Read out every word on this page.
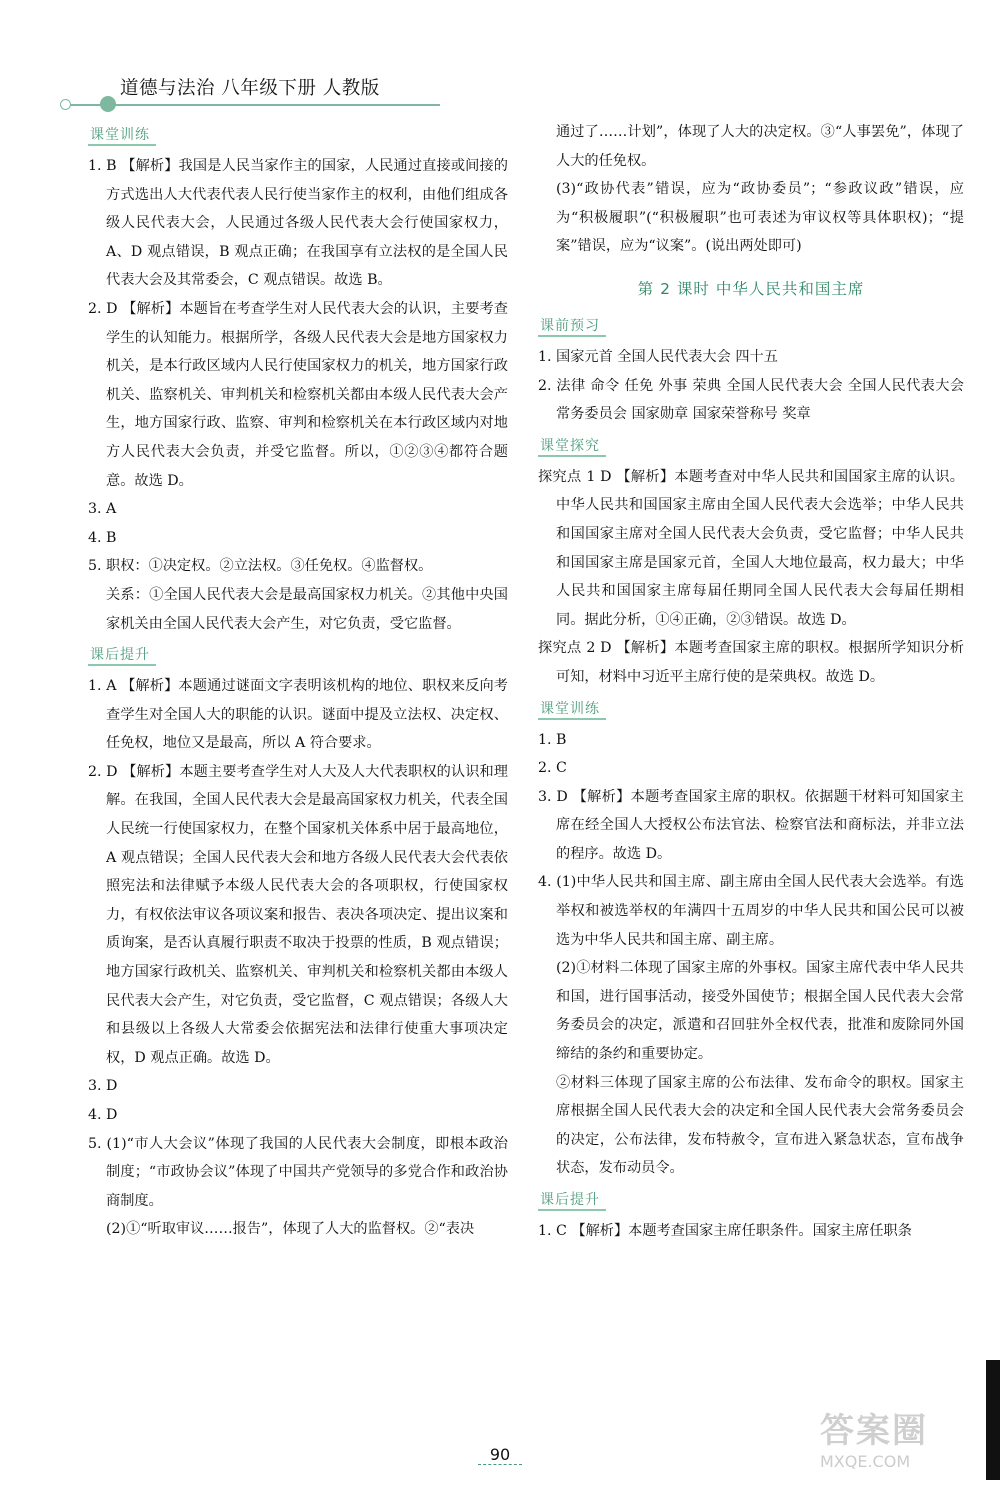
道德与法治 八年级下册 人教版
课堂训练
1. B 【解析】我国是人民当家作主的国家，人民通过直接或间接的方式选出人大代表代表人民行使当家作主的权利，由他们组成各级人民代表大会，人民通过各级人民代表大会行使国家权力，A、D 观点错误，B 观点正确；在我国享有立法权的是全国人民代表大会及其常委会，C 观点错误。故选 B。
2. D 【解析】本题旨在考查学生对人民代表大会的认识，主要考查学生的认知能力。根据所学，各级人民代表大会是地方国家权力机关，是本行政区域内人民行使国家权力的机关，地方国家行政机关、监察机关、审判机关和检察机关都由本级人民代表大会产生，地方国家行政、监察、审判和检察机关在本行政区域内对地方人民代表大会负责，并受它监督。所以，①②③④都符合题意。故选 D。
3. A
4. B
5. 职权：①决定权。②立法权。③任免权。④监督权。
关系：①全国人民代表大会是最高国家权力机关。②其他中央国家机关由全国人民代表大会产生，对它负责，受它监督。
课后提升
1. A 【解析】本题通过谜面文字表明该机构的地位、职权来反向考查学生对全国人大的职能的认识。谜面中提及立法权、决定权、任免权，地位又是最高，所以 A 符合要求。
2. D 【解析】本题主要考查学生对人大及人大代表职权的认识和理解。在我国，全国人民代表大会是最高国家权力机关，代表全国人民统一行使国家权力，在整个国家机关体系中居于最高地位，A 观点错误；全国人民代表大会和地方各级人民代表大会代表依照宪法和法律赋予本级人民代表大会的各项职权，行使国家权力，有权依法审议各项议案和报告、表决各项决定、提出议案和质询案，是否认真履行职责不取决于投票的性质，B 观点错误；地方国家行政机关、监察机关、审判机关和检察机关都由本级人民代表大会产生，对它负责，受它监督，C 观点错误；各级人大和县级以上各级人大常委会依据宪法和法律行使重大事项决定权，D 观点正确。故选 D。
3. D
4. D
5. (1)“市人大会议”体现了我国的人民代表大会制度，即根本政治制度；“市政协会议”体现了中国共产党领导的多党合作和政治协商制度。
(2)①“听取审议……报告”，体现了人大的监督权。②“表决
通过了……计划”，体现了人大的决定权。③“人事罢免”，体现了人大的任免权。
(3)“政协代表”错误，应为“政协委员”；“参政议政”错误，应为“积极履职”(“积极履职”也可表述为审议权等具体职权)；“提案”错误，应为“议案”。(说出两处即可)
第 2 课时 中华人民共和国主席
课前预习
1. 国家元首 全国人民代表大会 四十五
2. 法律 命令 任免 外事 荣典 全国人民代表大会 全国人民代表大会常务委员会 国家勋章 国家荣誉称号 奖章
课堂探究
探究点 1 D 【解析】本题考查对中华人民共和国国家主席的认识。中华人民共和国国家主席由全国人民代表大会选举；中华人民共和国国家主席对全国人民代表大会负责，受它监督；中华人民共和国国家主席是国家元首，全国人大地位最高，权力最大；中华人民共和国国家主席每届任期同全国人民代表大会每届任期相同。据此分析，①④正确，②③错误。故选 D。
探究点 2 D 【解析】本题考查国家主席的职权。根据所学知识分析可知，材料中习近平主席行使的是荣典权。故选 D。
课堂训练
1. B
2. C
3. D 【解析】本题考查国家主席的职权。依据题干材料可知国家主席在经全国人大授权公布法官法、检察官法和商标法，并非立法的程序。故选 D。
4. (1)中华人民共和国主席、副主席由全国人民代表大会选举。有选举权和被选举权的年满四十五周岁的中华人民共和国公民可以被选为中华人民共和国主席、副主席。
(2)①材料二体现了国家主席的外事权。国家主席代表中华人民共和国，进行国事活动，接受外国使节；根据全国人民代表大会常务委员会的决定，派遣和召回驻外全权代表，批准和废除同外国缔结的条约和重要协定。
②材料三体现了国家主席的公布法律、发布命令的职权。国家主席根据全国人民代表大会的决定和全国人民代表大会常务委员会的决定，公布法律，发布特赦令，宣布进入紧急状态，宣布战争状态，发布动员令。
课后提升
1. C 【解析】本题考查国家主席任职条件。国家主席任职条
90
答案圈
MXQE.COM
